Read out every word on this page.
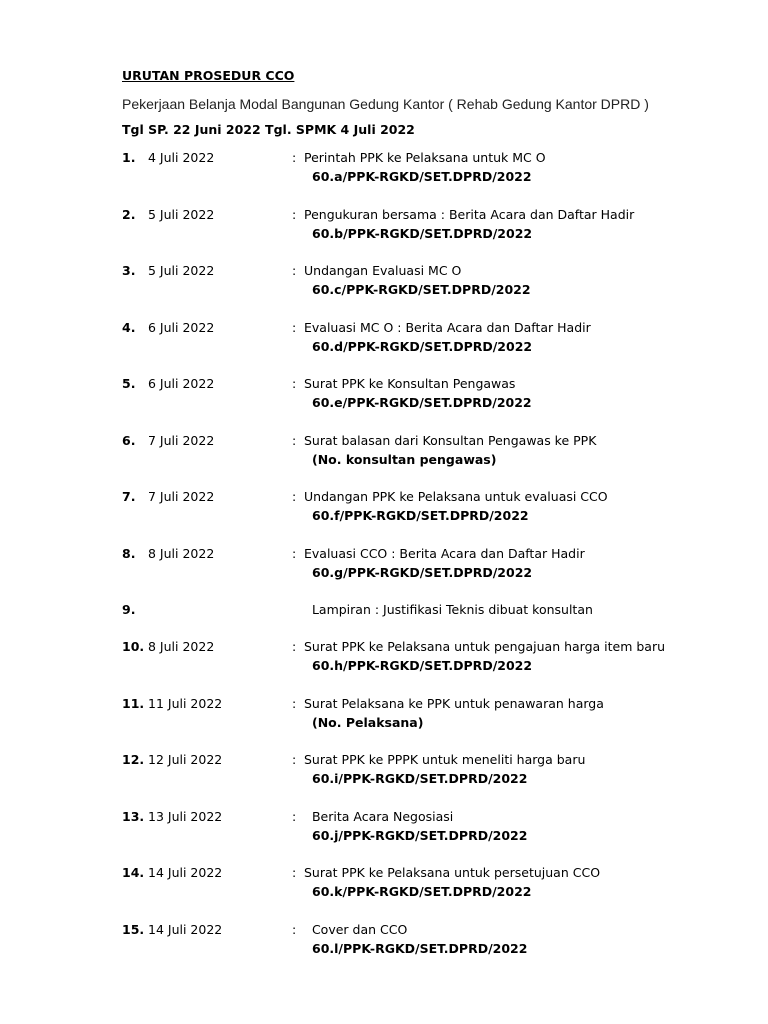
URUTAN PROSEDUR CCO
Pekerjaan Belanja Modal Bangunan Gedung Kantor ( Rehab Gedung Kantor DPRD )
Tgl SP. 22 Juni 2022 Tgl. SPMK 4 Juli 2022
1. 4 Juli 2022	: Perintah PPK ke Pelaksana untuk MC O
60.a/PPK-RGKD/SET.DPRD/2022
2. 5 Juli 2022	: Pengukuran bersama : Berita Acara dan Daftar Hadir
60.b/PPK-RGKD/SET.DPRD/2022
3. 5 Juli 2022	: Undangan Evaluasi MC O
60.c/PPK-RGKD/SET.DPRD/2022
4. 6 Juli 2022	: Evaluasi MC O : Berita Acara dan Daftar Hadir
60.d/PPK-RGKD/SET.DPRD/2022
5. 6 Juli 2022	: Surat PPK ke Konsultan Pengawas
60.e/PPK-RGKD/SET.DPRD/2022
6. 7 Juli 2022	: Surat balasan dari Konsultan Pengawas ke PPK
(No. konsultan pengawas)
7. 7 Juli 2022	: Undangan PPK ke Pelaksana untuk evaluasi CCO
60.f/PPK-RGKD/SET.DPRD/2022
8. 8 Juli 2022	: Evaluasi CCO : Berita Acara dan Daftar Hadir
60.g/PPK-RGKD/SET.DPRD/2022
9.	Lampiran : Justifikasi Teknis dibuat konsultan
10. 8 Juli 2022	: Surat PPK ke Pelaksana untuk pengajuan harga item baru
60.h/PPK-RGKD/SET.DPRD/2022
11. 11 Juli 2022	: Surat Pelaksana ke PPK untuk penawaran harga
(No. Pelaksana)
12. 12 Juli 2022	: Surat PPK ke PPPK untuk meneliti harga baru
60.i/PPK-RGKD/SET.DPRD/2022
13. 13 Juli 2022	: Berita Acara Negosiasi
60.j/PPK-RGKD/SET.DPRD/2022
14. 14 Juli 2022	: Surat PPK ke Pelaksana untuk persetujuan CCO
60.k/PPK-RGKD/SET.DPRD/2022
15. 14 Juli 2022	: Cover dan CCO
60.l/PPK-RGKD/SET.DPRD/2022
